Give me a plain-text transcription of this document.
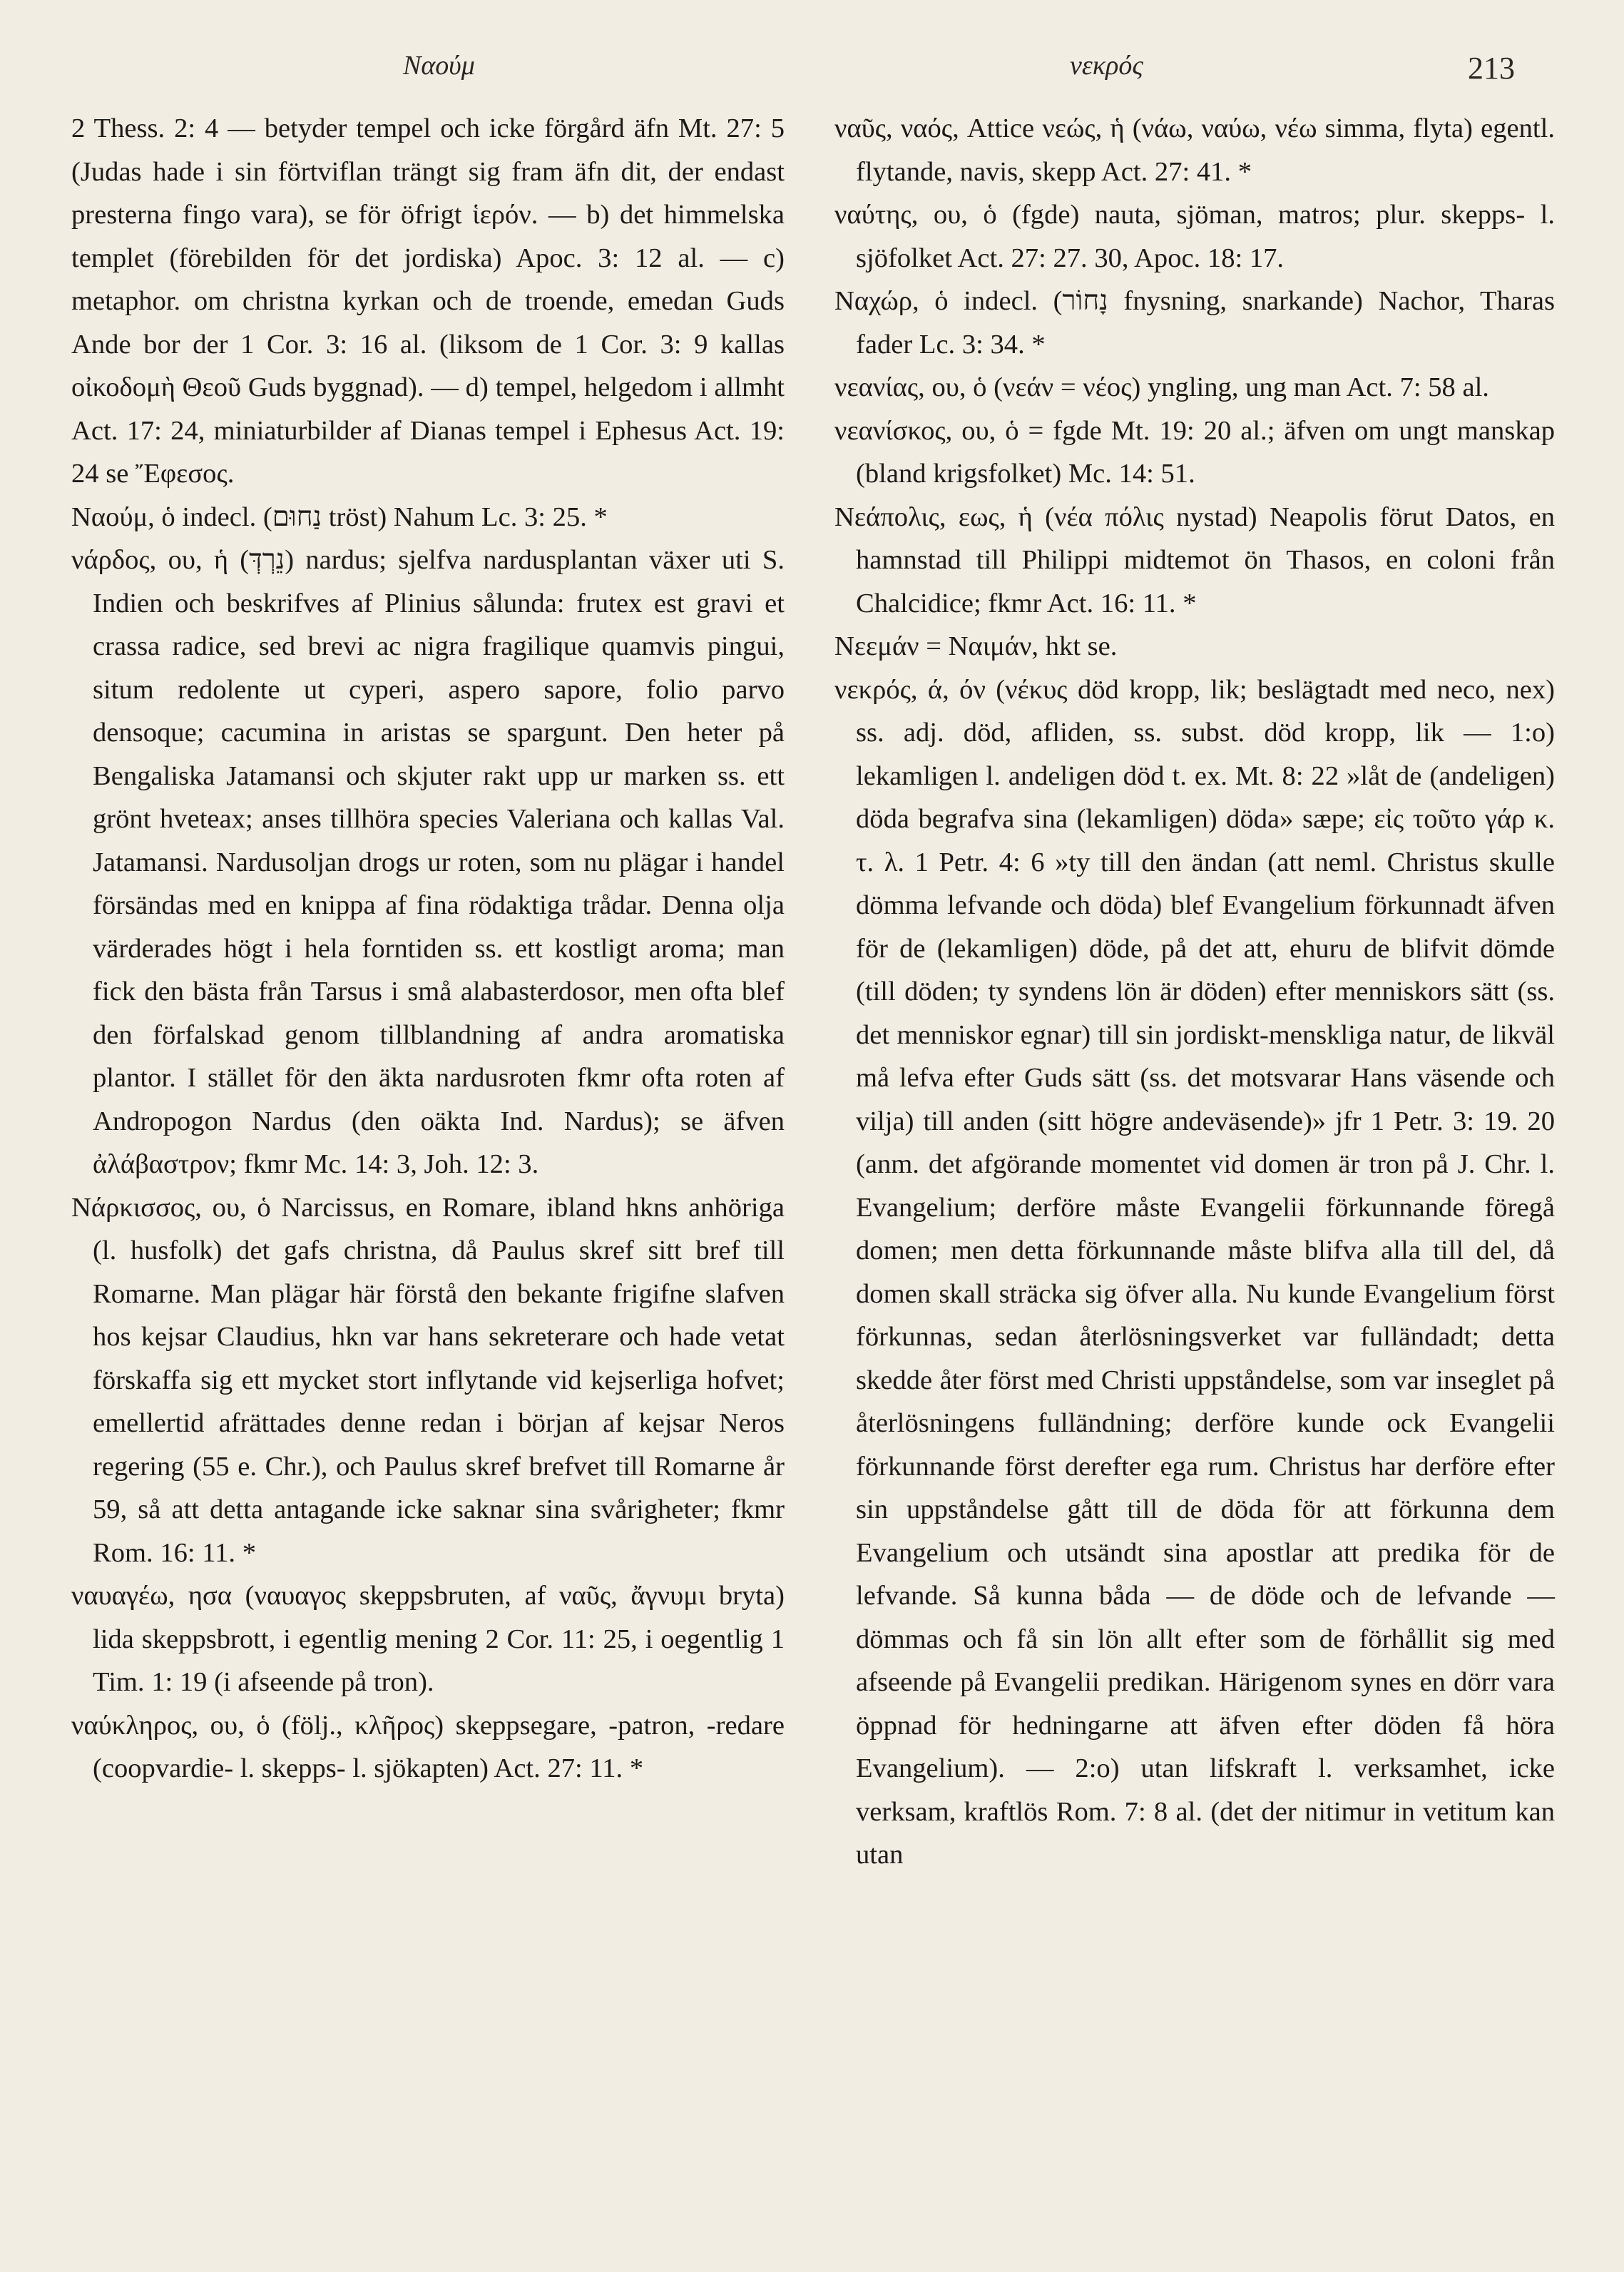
Ναούμ	νεκρός	213

2 Thess. 2: 4 — betyder tempel och icke förgård äfn Mt. 27: 5 (Judas hade i sin förtviflan trängt sig fram äfn dit, der endast presterna fingo vara), se för öfrigt ἱερόν. — b) det himmelska templet (förebilden för det jordiska) Apoc. 3: 12 al. — c) metaphor. om christna kyrkan och de troende, emedan Guds Ande bor der 1 Cor. 3: 16 al. (liksom de 1 Cor. 3: 9 kallas οἰκοδομὴ Θεοῦ Guds byggnad). — d) tempel, helgedom i allmht Act. 17: 24, miniaturbilder af Dianas tempel i Ephesus Act. 19: 24 se Ἔφεσος.

Ναούμ, ὁ indecl. (נַחוּם tröst) Nahum Lc. 3: 25. *

νάρδος, ου, ἡ (נֵרְדְּ) nardus; sjelfva nardusplantan växer uti S. Indien och beskrifves af Plinius sålunda: frutex est gravi et crassa radice, sed brevi ac nigra fragilique quamvis pingui, situm redolente ut cyperi, aspero sapore, folio parvo densoque; cacumina in aristas se spargunt. Den heter på Bengaliska Jatamansi och skjuter rakt upp ur marken ss. ett grönt hveteax; anses tillhöra species Valeriana och kallas Val. Jatamansi. Nardusoljan drogs ur roten, som nu plägar i handel försändas med en knippa af fina rödaktiga trådar. Denna olja värderades högt i hela forntiden ss. ett kostligt aroma; man fick den bästa från Tarsus i små alabasterdosor, men ofta blef den förfalskad genom tillblandning af andra aromatiska plantor. I stället för den äkta nardusroten fkmr ofta roten af Andropogon Nardus (den oäkta Ind. Nardus); se äfven ἀλάβαστρον; fkmr Mc. 14: 3, Joh. 12: 3.

Νάρκισσος, ου, ὁ Narcissus, en Romare, ibland hkns anhöriga (l. husfolk) det gafs christna, då Paulus skref sitt bref till Romarne. Man plägar här förstå den bekante frigifne slafven hos kejsar Claudius, hkn var hans sekreterare och hade vetat förskaffa sig ett mycket stort inflytande vid kejserliga hofvet; emellertid afrättades denne redan i början af kejsar Neros regering (55 e. Chr.), och Paulus skref brefvet till Romarne år 59, så att detta antagande icke saknar sina svårigheter; fkmr Rom. 16: 11. *

ναυαγέω, ησα (ναυαγος skeppsbruten, af ναῦς, ἄγνυμι bryta) lida skeppsbrott, i egentlig mening 2 Cor. 11: 25, i oegentlig 1 Tim. 1: 19 (i afseende på tron).

ναύκληρος, ου, ὁ (följ., κλῆρος) skeppsegare, -patron, -redare (coopvardie- l. skepps- l. sjökapten) Act. 27: 11. *

ναῦς, ναός, Attice νεώς, ἡ (νάω, ναύω, νέω simma, flyta) egentl. flytande, navis, skepp Act. 27: 41. *

ναύτης, ου, ὁ (fgde) nauta, sjöman, matros; plur. skepps- l. sjöfolket Act. 27: 27. 30, Apoc. 18: 17.

Ναχώρ, ὁ indecl. (נָחוֹר fnysning, snarkande) Nachor, Tharas fader Lc. 3: 34. *

νεανίας, ου, ὁ (νεάν = νέος) yngling, ung man Act. 7: 58 al.

νεανίσκος, ου, ὁ = fgde Mt. 19: 20 al.; äfven om ungt manskap (bland krigsfolket) Mc. 14: 51.

Νεάπολις, εως, ἡ (νέα πόλις nystad) Neapolis förut Datos, en hamnstad till Philippi midtemot ön Thasos, en coloni från Chalcidice; fkmr Act. 16: 11. *

Νεεμάν = Ναιμάν, hkt se.

νεκρός, ά, όν (νέκυς död kropp, lik; beslägtadt med neco, nex) ss. adj. död, afliden, ss. subst. död kropp, lik — 1:o) lekamligen l. andeligen död t. ex. Mt. 8: 22 »låt de (andeligen) döda begrafva sina (lekamligen) döda» sæpe; εἰς τοῦτο γάρ κ. τ. λ. 1 Petr. 4: 6 »ty till den ändan (att neml. Christus skulle dömma lefvande och döda) blef Evangelium förkunnadt äfven för de (lekamligen) döde, på det att, ehuru de blifvit dömde (till döden; ty syndens lön är döden) efter menniskors sätt (ss. det menniskor egnar) till sin jordiskt-menskliga natur, de likväl må lefva efter Guds sätt (ss. det motsvarar Hans väsende och vilja) till anden (sitt högre andeväsende)» jfr 1 Petr. 3: 19. 20 (anm. det afgörande momentet vid domen är tron på J. Chr. l. Evangelium; derföre måste Evangelii förkunnande föregå domen; men detta förkunnande måste blifva alla till del, då domen skall sträcka sig öfver alla. Nu kunde Evangelium först förkunnas, sedan återlösningsverket var fulländadt; detta skedde åter först med Christi uppståndelse, som var inseglet på återlösningens fulländning; derföre kunde ock Evangelii förkunnande först derefter ega rum. Christus har derföre efter sin uppståndelse gått till de döda för att förkunna dem Evangelium och utsändt sina apostlar att predika för de lefvande. Så kunna båda — de döde och de lefvande — dömmas och få sin lön allt efter som de förhållit sig med afseende på Evangelii predikan. Härigenom synes en dörr vara öppnad för hedningarne att äfven efter döden få höra Evangelium). — 2:o) utan lifskraft l. verksamhet, icke verksam, kraftlös Rom. 7: 8 al. (det der nitimur in vetitum kan utan
